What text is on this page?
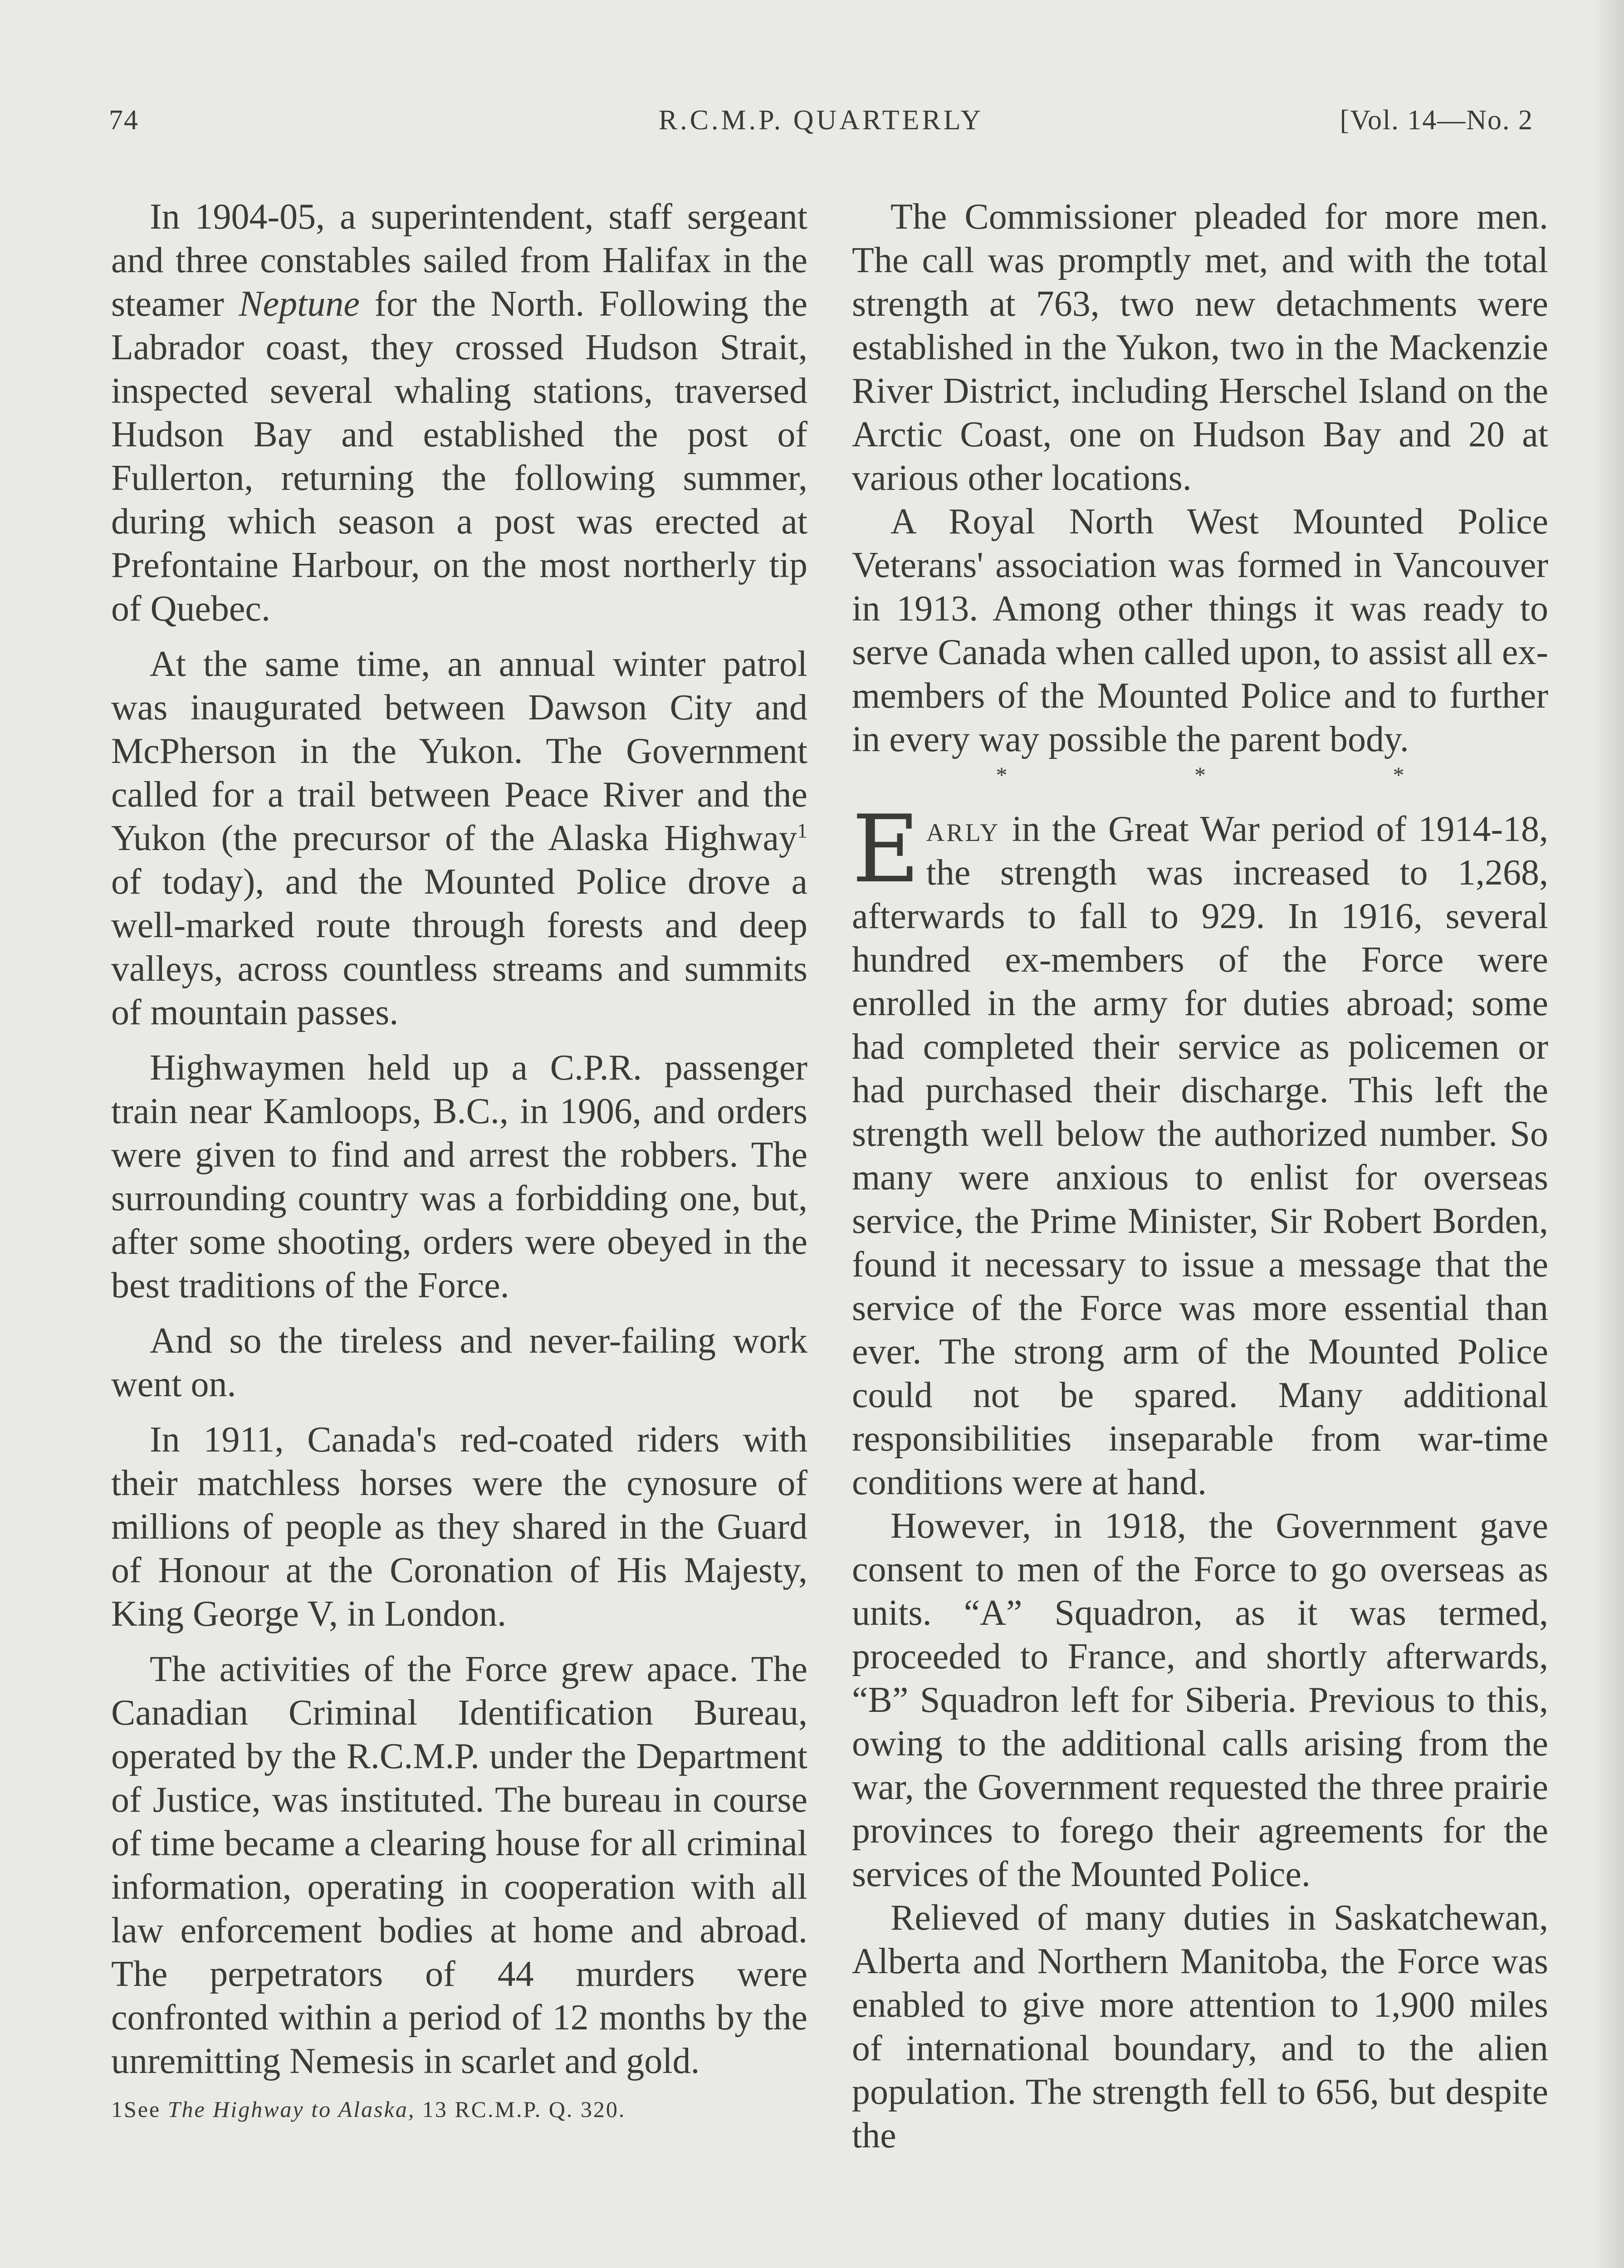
74	R.C.M.P. QUARTERLY	[Vol. 14—No. 2

In 1904-05, a superintendent, staff sergeant and three constables sailed from Halifax in the steamer Neptune for the North. Following the Labrador coast, they crossed Hudson Strait, inspected several whaling stations, traversed Hudson Bay and established the post of Fullerton, returning the following summer, during which season a post was erected at Prefontaine Harbour, on the most northerly tip of Quebec.

At the same time, an annual winter patrol was inaugurated between Dawson City and McPherson in the Yukon. The Government called for a trail between Peace River and the Yukon (the precursor of the Alaska Highway$^1$ of today), and the Mounted Police drove a well-marked route through forests and deep valleys, across countless streams and summits of mountain passes.

Highwaymen held up a C.P.R. passenger train near Kamloops, B.C., in 1906, and orders were given to find and arrest the robbers. The surrounding country was a forbidding one, but, after some shooting, orders were obeyed in the best traditions of the Force.

And so the tireless and never-failing work went on.

In 1911, Canada's red-coated riders with their matchless horses were the cynosure of millions of people as they shared in the Guard of Honour at the Coronation of His Majesty, King George V, in London.

The activities of the Force grew apace. The Canadian Criminal Identification Bureau, operated by the R.C.M.P. under the Department of Justice, was instituted. The bureau in course of time became a clearing house for all criminal information, operating in cooperation with all law enforcement bodies at home and abroad. The perpetrators of 44 murders were confronted within a period of 12 months by the unremitting Nemesis in scarlet and gold.

1See The Highway to Alaska, 13 RC.M.P. Q. 320.

The Commissioner pleaded for more men. The call was promptly met, and with the total strength at 763, two new detachments were established in the Yukon, two in the Mackenzie River District, including Herschel Island on the Arctic Coast, one on Hudson Bay and 20 at various other locations.

A Royal North West Mounted Police Veterans' association was formed in Vancouver in 1913. Among other things it was ready to serve Canada when called upon, to assist all ex-members of the Mounted Police and to further in every way possible the parent body.

* * *

Early in the Great War period of 1914-18, the strength was increased to 1,268, afterwards to fall to 929. In 1916, several hundred ex-members of the Force were enrolled in the army for duties abroad; some had completed their service as policemen or had purchased their discharge. This left the strength well below the authorized number. So many were anxious to enlist for overseas service, the Prime Minister, Sir Robert Borden, found it necessary to issue a message that the service of the Force was more essential than ever. The strong arm of the Mounted Police could not be spared. Many additional responsibilities inseparable from war-time conditions were at hand.

However, in 1918, the Government gave consent to men of the Force to go overseas as units. “A” Squadron, as it was termed, proceeded to France, and shortly afterwards, “B” Squadron left for Siberia. Previous to this, owing to the additional calls arising from the war, the Government requested the three prairie provinces to forego their agreements for the services of the Mounted Police.

Relieved of many duties in Saskatchewan, Alberta and Northern Manitoba, the Force was enabled to give more attention to 1,900 miles of international boundary, and to the alien population. The strength fell to 656, but despite the
